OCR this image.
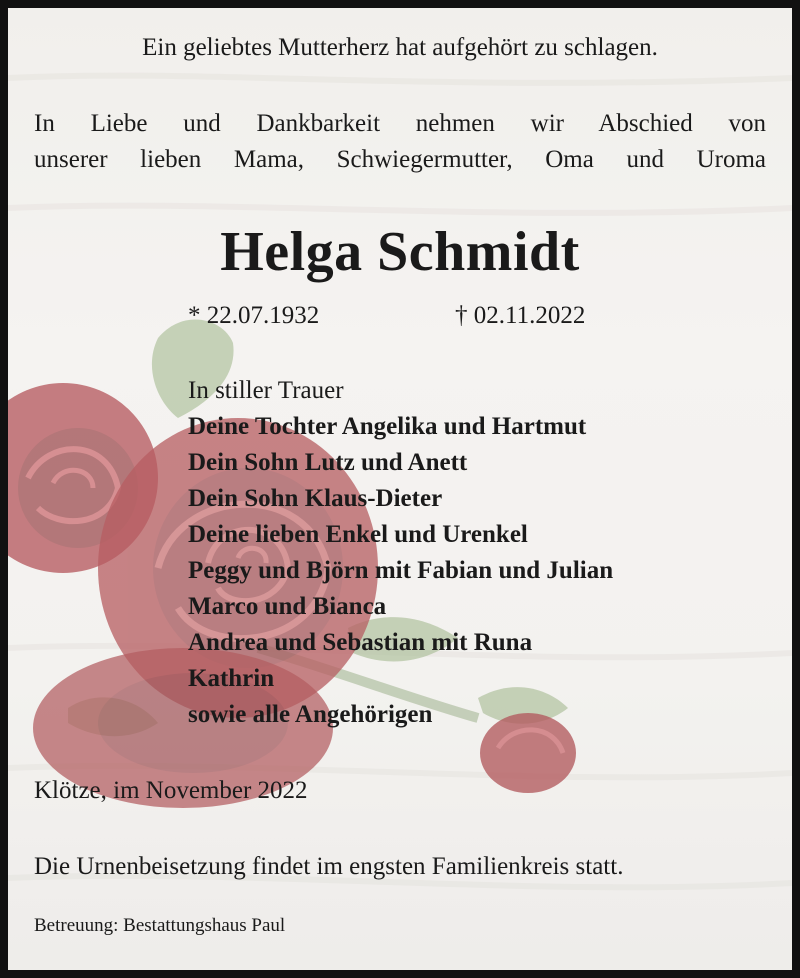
Ein geliebtes Mutterherz hat aufgehört zu schlagen.
In Liebe und Dankbarkeit nehmen wir Abschied von
unserer lieben Mama, Schwiegermutter, Oma und Uroma
Helga Schmidt
* 22.07.1932	† 02.11.2022
In stiller Trauer
Deine Tochter Angelika und Hartmut
Dein Sohn Lutz und Anett
Dein Sohn Klaus-Dieter
Deine lieben Enkel und Urenkel
Peggy und Björn mit Fabian und Julian
Marco und Bianca
Andrea und Sebastian mit Runa
Kathrin
sowie alle Angehörigen
Klötze, im November 2022
Die Urnenbeisetzung findet im engsten Familienkreis statt.
Betreuung: Bestattungshaus Paul
